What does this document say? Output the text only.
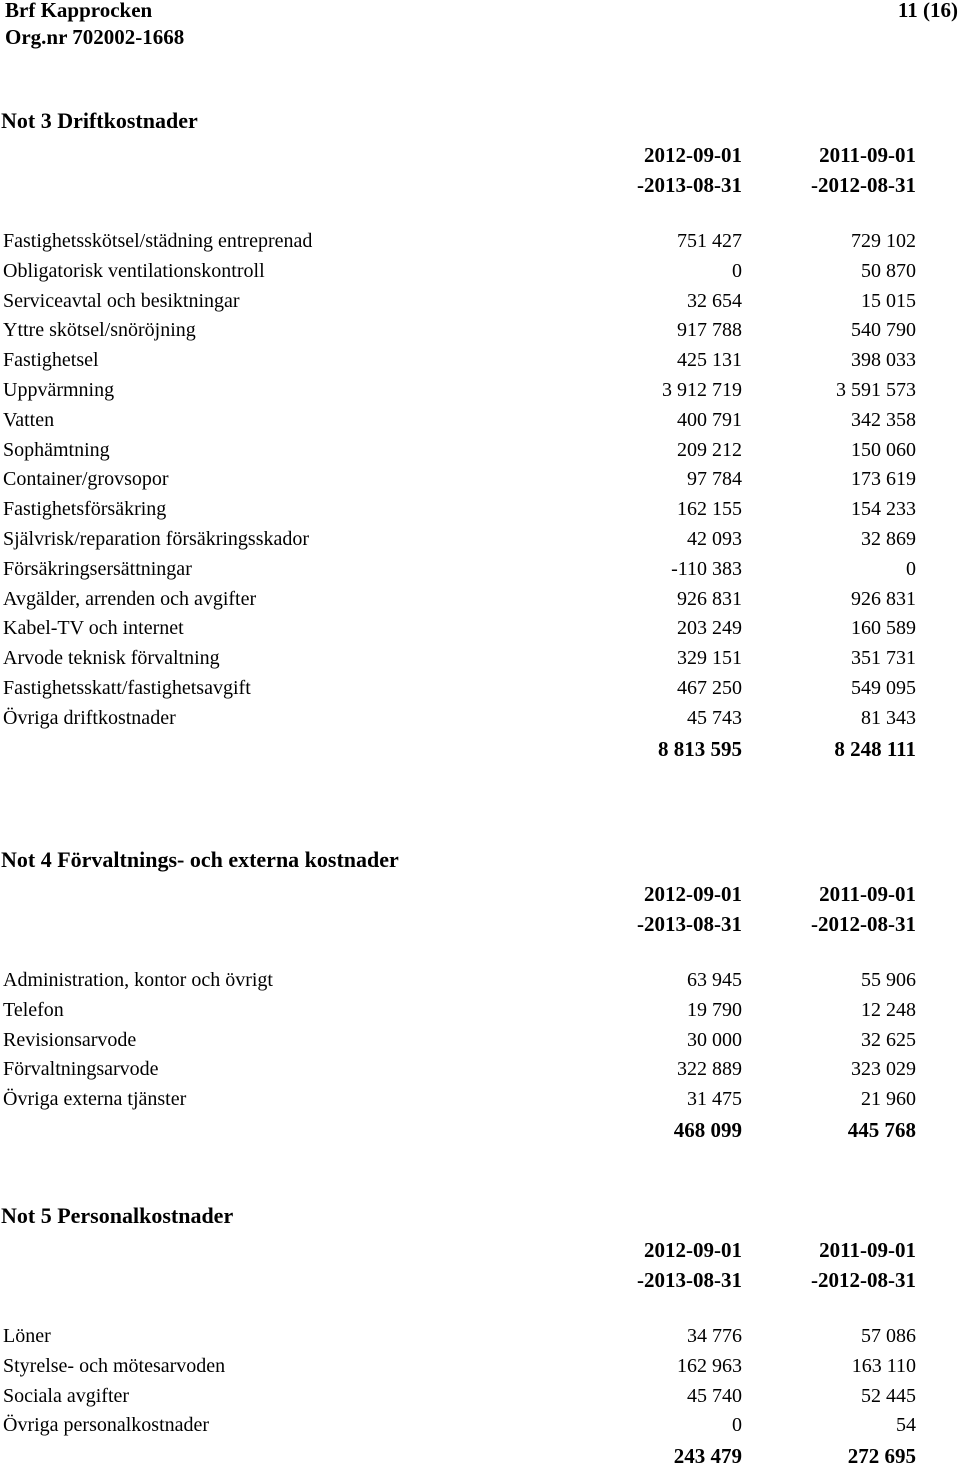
Brf Kapprocken
Org.nr 702002-1668
11 (16)
Not 3 Driftkostnader
2012-09-01
-2013-08-31
2011-09-01
-2012-08-31
Fastighetsskötsel/städning entreprenad	751 427	729 102
Obligatorisk ventilationskontroll	0	50 870
Serviceavtal och besiktningar	32 654	15 015
Yttre skötsel/snöröjning	917 788	540 790
Fastighetsel	425 131	398 033
Uppvärmning	3 912 719	3 591 573
Vatten	400 791	342 358
Sophämtning	209 212	150 060
Container/grovsopor	97 784	173 619
Fastighetsförsäkring	162 155	154 233
Självrisk/reparation försäkringsskador	42 093	32 869
Försäkringsersättningar	-110 383	0
Avgälder, arrenden och avgifter	926 831	926 831
Kabel-TV och internet	203 249	160 589
Arvode teknisk förvaltning	329 151	351 731
Fastighetsskatt/fastighetsavgift	467 250	549 095
Övriga driftkostnader	45 743	81 343
8 813 595	8 248 111
Not 4 Förvaltnings- och externa kostnader
2012-09-01
-2013-08-31
2011-09-01
-2012-08-31
Administration, kontor och övrigt	63 945	55 906
Telefon	19 790	12 248
Revisionsarvode	30 000	32 625
Förvaltningsarvode	322 889	323 029
Övriga externa tjänster	31 475	21 960
468 099	445 768
Not 5 Personalkostnader
2012-09-01
-2013-08-31
2011-09-01
-2012-08-31
Löner	34 776	57 086
Styrelse- och mötesarvoden	162 963	163 110
Sociala avgifter	45 740	52 445
Övriga personalkostnader	0	54
243 479	272 695
